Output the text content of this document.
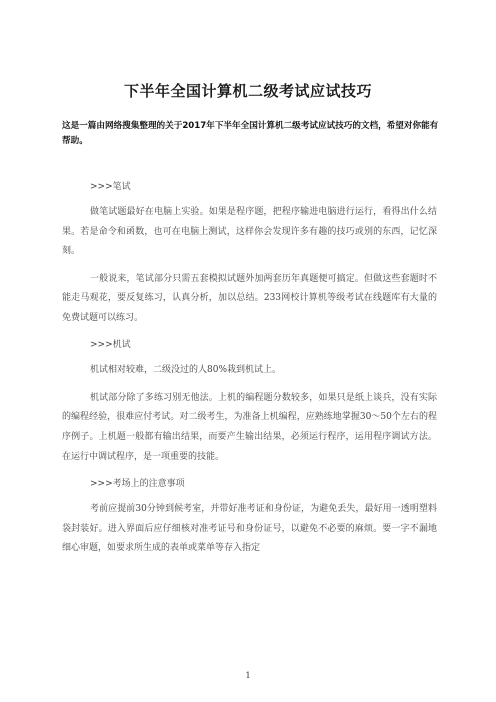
下半年全国计算机二级考试应试技巧
这是一篇由网络搜集整理的关于2017年下半年全国计算机二级考试应试技巧的文档，希望对你能有帮助。

>>>笔试

做笔试题最好在电脑上实验。如果是程序题，把程序输进电脑进行运行，看得出什么结果。若是命令和函数，也可在电脑上测试，这样你会发现许多有趣的技巧或别的东西，记忆深刻。

一般说来，笔试部分只需五套模拟试题外加两套历年真题便可搞定。但做这些套题时不能走马观花，要反复练习，认真分析，加以总结。233网校计算机等级考试在线题库有大量的免费试题可以练习。

>>>机试

机试相对较难，二级没过的人80%栽到机试上。

机试部分除了多练习别无他法。上机的编程题分数较多，如果只是纸上谈兵，没有实际的编程经验，很难应付考试。对二级考生，为准备上机编程，应熟练地掌握30～50个左右的程序例子。上机题一般都有输出结果，而要产生输出结果，必须运行程序，运用程序调试方法。在运行中调试程序，是一项重要的技能。

>>>考场上的注意事项

考前应提前30分钟到候考室，并带好准考证和身份证，为避免丢失，最好用一透明塑料袋封装好。进入界面后应仔细核对准考证号和身份证号，以避免不必要的麻烦。要一字不漏地细心审题，如要求所生成的表单或菜单等存入指定

1
